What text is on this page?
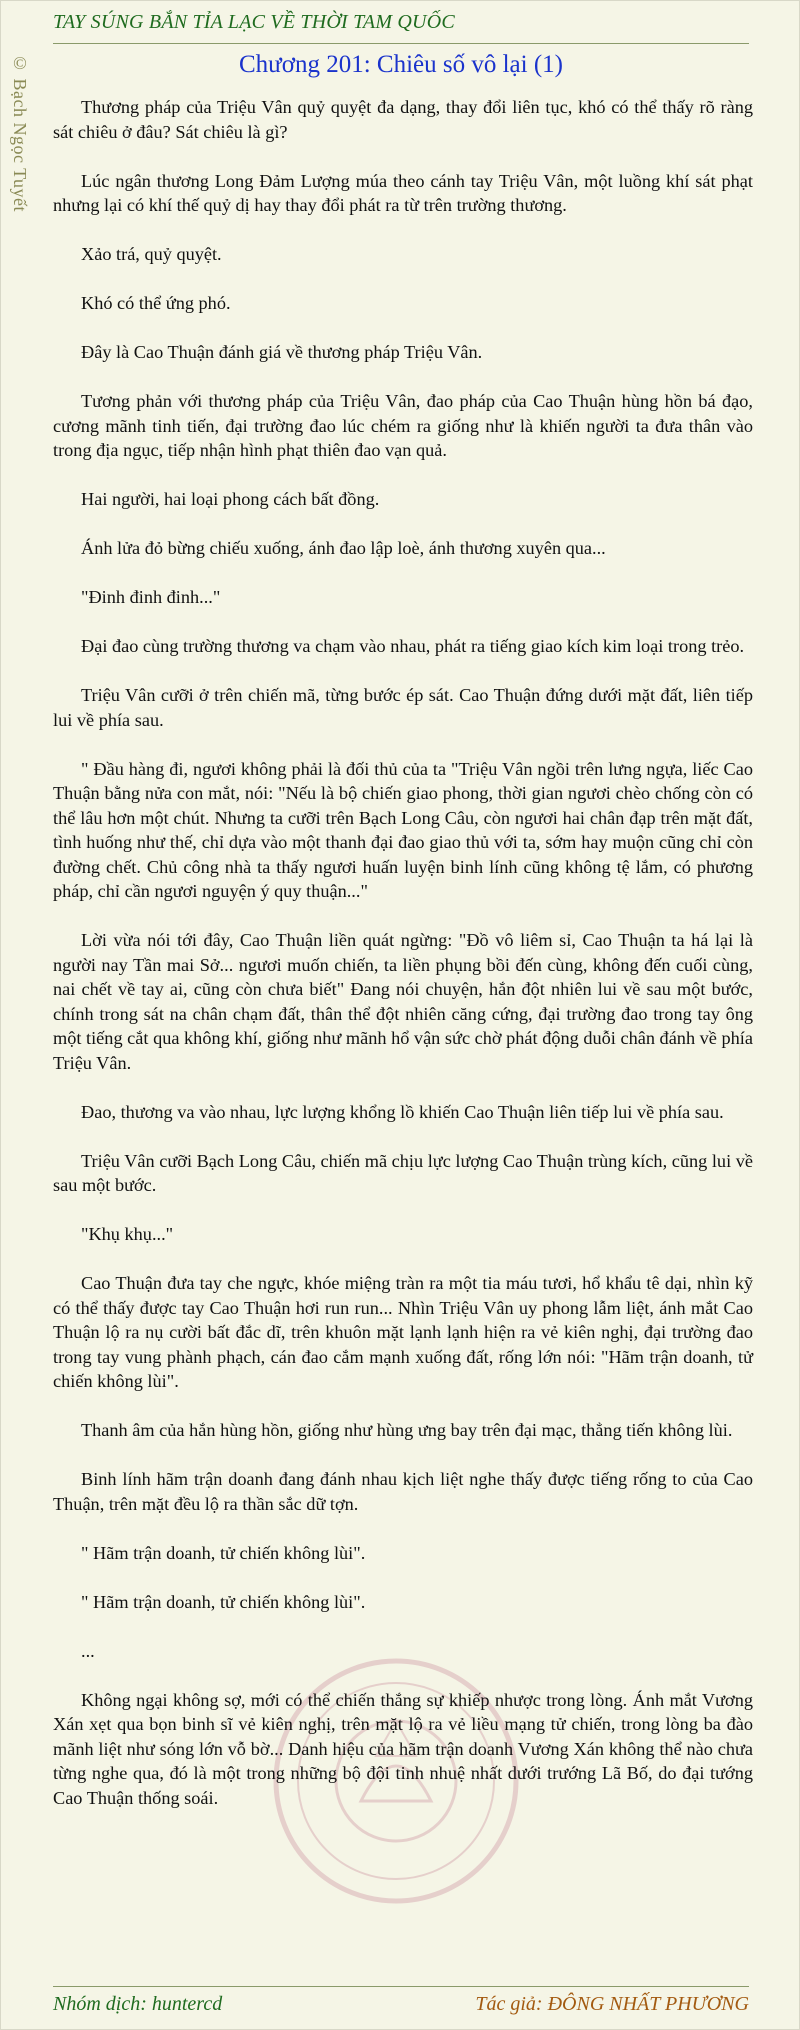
TAY SÚNG BẮN TỈA LẠC VỀ THỜI TAM QUỐC
© Bạch Ngọc Tuyết	Chương 201: Chiêu số vô lại (1)

Thương pháp của Triệu Vân quỷ quyệt đa dạng, thay đổi liên tục, khó có thể thấy rõ ràng sát chiêu ở đâu? Sát chiêu là gì?

Lúc ngân thương Long Đảm Lượng múa theo cánh tay Triệu Vân, một luồng khí sát phạt nhưng lại có khí thế quỷ dị hay thay đổi phát ra từ trên trường thương.

Xảo trá, quỷ quyệt.

Khó có thể ứng phó.

Đây là Cao Thuận đánh giá về thương pháp Triệu Vân.

Tương phản với thương pháp của Triệu Vân, đao pháp của Cao Thuận hùng hồn bá đạo, cương mãnh tinh tiến, đại trường đao lúc chém ra giống như là khiến người ta đưa thân vào trong địa ngục, tiếp nhận hình phạt thiên đao vạn quả.

Hai người, hai loại phong cách bất đồng.

Ánh lửa đỏ bừng chiếu xuống, ánh đao lập loè, ánh thương xuyên qua...

"Đinh đinh đinh..."

Đại đao cùng trường thương va chạm vào nhau, phát ra tiếng giao kích kim loại trong trẻo.

Triệu Vân cưỡi ở trên chiến mã, từng bước ép sát. Cao Thuận đứng dưới mặt đất, liên tiếp lui về phía sau.

" Đầu hàng đi, ngươi không phải là đối thủ của ta "Triệu Vân ngồi trên lưng ngựa, liếc Cao Thuận bằng nửa con mắt, nói: "Nếu là bộ chiến giao phong, thời gian ngươi chèo chống còn có thể lâu hơn một chút. Nhưng ta cưỡi trên Bạch Long Câu, còn ngươi hai chân đạp trên mặt đất, tình huống như thế, chỉ dựa vào một thanh đại đao giao thủ với ta, sớm hay muộn cũng chỉ còn đường chết. Chủ công nhà ta thấy ngươi huấn luyện binh lính cũng không tệ lắm, có phương pháp, chỉ cần ngươi nguyện ý quy thuận..."

Lời vừa nói tới đây, Cao Thuận liền quát ngừng: "Đồ vô liêm sỉ, Cao Thuận ta há lại là người nay Tần mai Sở... ngươi muốn chiến, ta liền phụng bồi đến cùng, không đến cuối cùng, nai chết về tay ai, cũng còn chưa biết" Đang nói chuyện, hắn đột nhiên lui về sau một bước, chính trong sát na chân chạm đất, thân thể đột nhiên căng cứng, đại trường đao trong tay ông một tiếng cắt qua không khí, giống như mãnh hổ vận sức chờ phát động duỗi chân đánh về phía Triệu Vân.

Đao, thương va vào nhau, lực lượng khổng lồ khiến Cao Thuận liên tiếp lui về phía sau.

Triệu Vân cưỡi Bạch Long Câu, chiến mã chịu lực lượng Cao Thuận trùng kích, cũng lui về sau một bước.

"Khụ khụ..."

Cao Thuận đưa tay che ngực, khóe miệng tràn ra một tia máu tươi, hổ khẩu tê dại, nhìn kỹ có thể thấy được tay Cao Thuận hơi run run... Nhìn Triệu Vân uy phong lẫm liệt, ánh mắt Cao Thuận lộ ra nụ cười bất đắc dĩ, trên khuôn mặt lạnh lạnh hiện ra vẻ kiên nghị, đại trường đao trong tay vung phành phạch, cán đao cắm mạnh xuống đất, rống lớn nói: "Hãm trận doanh, tử chiến không lùi".

Thanh âm của hắn hùng hồn, giống như hùng ưng bay trên đại mạc, thẳng tiến không lùi.

Binh lính hãm trận doanh đang đánh nhau kịch liệt nghe thấy được tiếng rống to của Cao Thuận, trên mặt đều lộ ra thần sắc dữ tợn.

" Hãm trận doanh, tử chiến không lùi".

" Hãm trận doanh, tử chiến không lùi".

...

Không ngại không sợ, mới có thể chiến thắng sự khiếp nhược trong lòng. Ánh mắt Vương Xán xẹt qua bọn binh sĩ vẻ kiên nghị, trên mặt lộ ra vẻ liều mạng tử chiến, trong lòng ba đào mãnh liệt như sóng lớn vỗ bờ... Danh hiệu của hãm trận doanh Vương Xán không thể nào chưa từng nghe qua, đó là một trong những bộ đội tinh nhuệ nhất dưới trướng Lã Bố, do đại tướng Cao Thuận thống soái.

Nhóm dịch: huntercd	Tác giả: ĐÔNG NHẤT PHƯƠNG
